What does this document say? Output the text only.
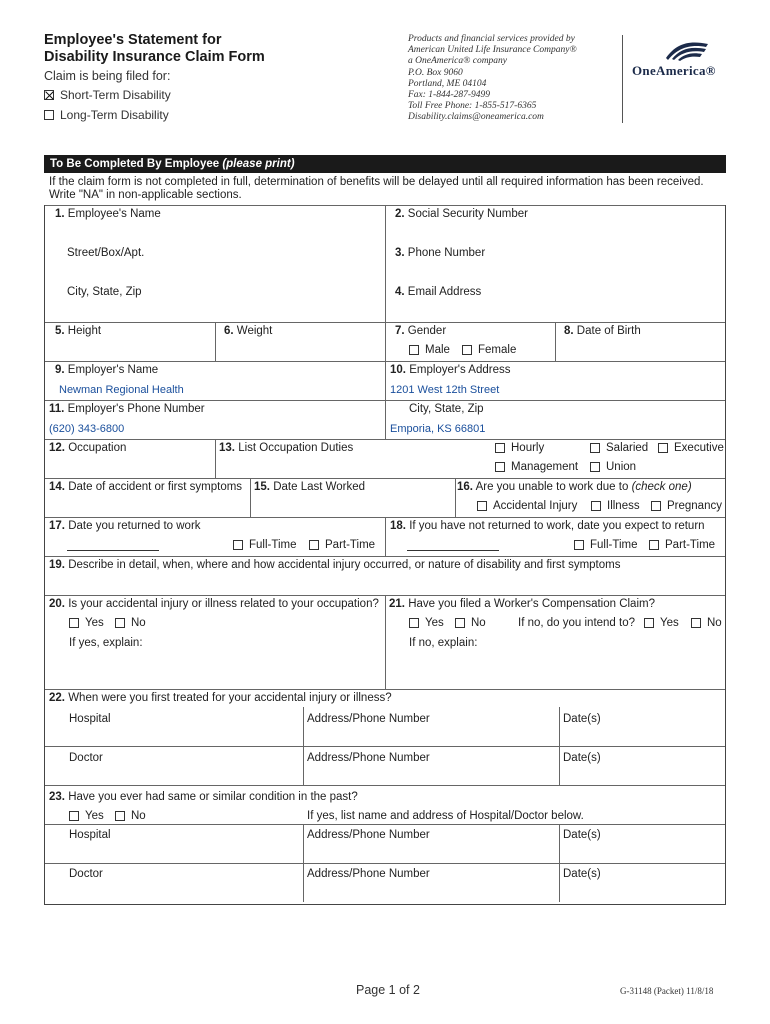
Employee's Statement for
Disability Insurance Claim Form
Claim is being filed for:
Short-Term Disability
Long-Term Disability
Products and financial services provided by
American United Life Insurance Company®
a OneAmerica® company
P.O. Box 9060
Portland, ME 04104
Fax: 1-844-287-9499
Toll Free Phone: 1-855-517-6365
Disability.claims@oneamerica.com
OneAmerica®
To Be Completed By Employee (please print)
If the claim form is not completed in full, determination of benefits will be delayed until all required information has been received.
Write "NA" in non-applicable sections.
1. Employee's Name	2. Social Security Number
Street/Box/Apt.	3. Phone Number
City, State, Zip	4. Email Address
5. Height	6. Weight	7. Gender	8. Date of Birth
Male Female
9. Employer's Name	10. Employer's Address
Newman Regional Health	1201 West 12th Street
11. Employer's Phone Number	City, State, Zip
(620) 343-6800	Emporia, KS 66801
12. Occupation	13. List Occupation Duties	Hourly	Salaried Executive
Management Union
14. Date of accident or first symptoms 15. Date Last Worked	16. Are you unable to work due to (check one)
Accidental Injury	Illness Pregnancy
17. Date you returned to work
Full-Time Part-Time
18. If you have not returned to work, date you expect to return
Full-Time Part-Time
19. Describe in detail, when, where and how accidental injury occurred, or nature of disability and first symptoms
20. Is your accidental injury or illness related to your occupation?
Yes No
If yes, explain:
21. Have you filed a Worker's Compensation Claim?
Yes No	If no, do you intend to? Yes No
If no, explain:
22. When were you first treated for your accidental injury or illness?
Hospital	Address/Phone Number	Date(s)
Doctor	Address/Phone Number	Date(s)
23. Have you ever had same or similar condition in the past?
Yes No	If yes, list name and address of Hospital/Doctor below.
Hospital	Address/Phone Number	Date(s)
Doctor	Address/Phone Number	Date(s)
Page 1 of 2	G-31148 (Packet) 11/8/18
